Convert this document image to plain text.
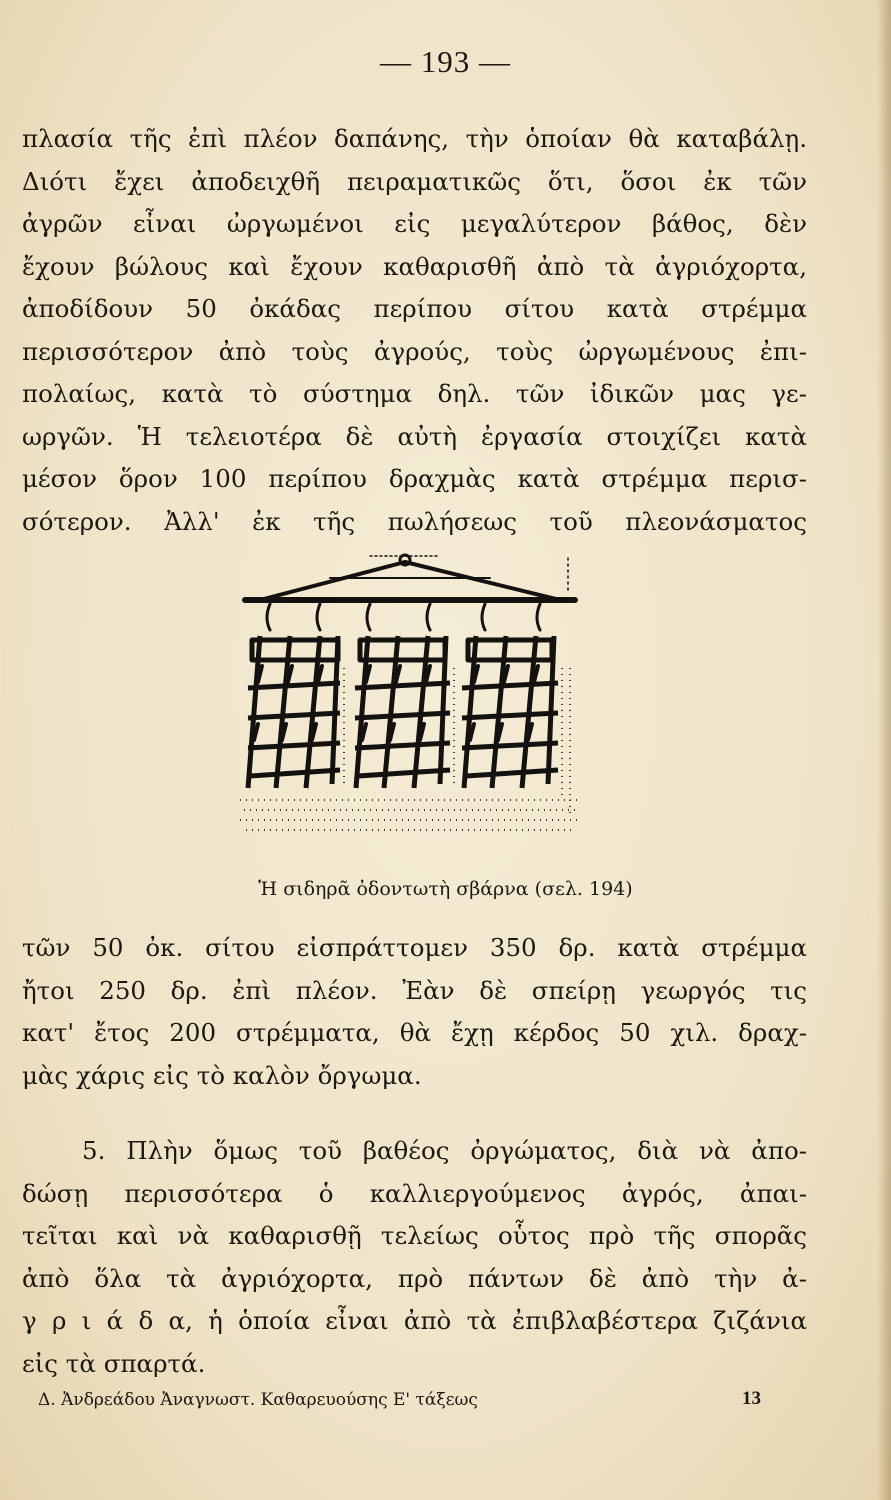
— 193 —
πλασία τῆς ἐπὶ πλέον δαπάνης, τὴν ὁποίαν θὰ καταβάλῃ.
Διότι ἔχει ἀποδειχθῆ πειραματικῶς ὅτι, ὅσοι ἐκ τῶν
ἀγρῶν εἶναι ὠργωμένοι εἰς μεγαλύτερον βάθος, δὲν
ἔχουν βώλους καὶ ἔχουν καθαρισθῆ ἀπὸ τὰ ἀγριόχορτα,
ἀποδίδουν 50 ὀκάδας περίπου σίτου κατὰ στρέμμα
περισσότερον ἀπὸ τοὺς ἀγρούς, τοὺς ὠργωμένους ἐπι-
πολαίως, κατὰ τὸ σύστημα δηλ. τῶν ἰδικῶν μας γε-
ωργῶν. Ἡ τελειοτέρα δὲ αὐτὴ ἐργασία στοιχίζει κατὰ
μέσον ὅρον 100 περίπου δραχμὰς κατὰ στρέμμα περισ-
σότερον. Ἀλλ' ἐκ τῆς πωλήσεως τοῦ πλεονάσματος
Ἡ σιδηρᾶ ὀδοντωτὴ σβάρνα (σελ. 194)
τῶν 50 ὀκ. σίτου εἰσπράττομεν 350 δρ. κατὰ στρέμμα
ἤτοι 250 δρ. ἐπὶ πλέον. Ἐὰν δὲ σπείρῃ γεωργός τις
κατ' ἔτος 200 στρέμματα, θὰ ἔχῃ κέρδος 50 χιλ. δραχ-
μὰς χάρις εἰς τὸ καλὸν ὄργωμα.
5. Πλὴν ὅμως τοῦ βαθέος ὀργώματος, διὰ νὰ ἀπο-
δώσῃ περισσότερα ὁ καλλιεργούμενος ἀγρός, ἀπαι-
τεῖται καὶ νὰ καθαρισθῇ τελείως οὗτος πρὸ τῆς σπορᾶς
ἀπὸ ὅλα τὰ ἀγριόχορτα, πρὸ πάντων δὲ ἀπὸ τὴν ἀ-
γ ρ ι ά δ α, ἡ ὁποία εἶναι ἀπὸ τὰ ἐπιβλαβέστερα ζιζάνια
εἰς τὰ σπαρτά.
Δ. Ἀνδρεάδου Ἀναγνωστ. Καθαρευούσης Ε' τάξεως	13
